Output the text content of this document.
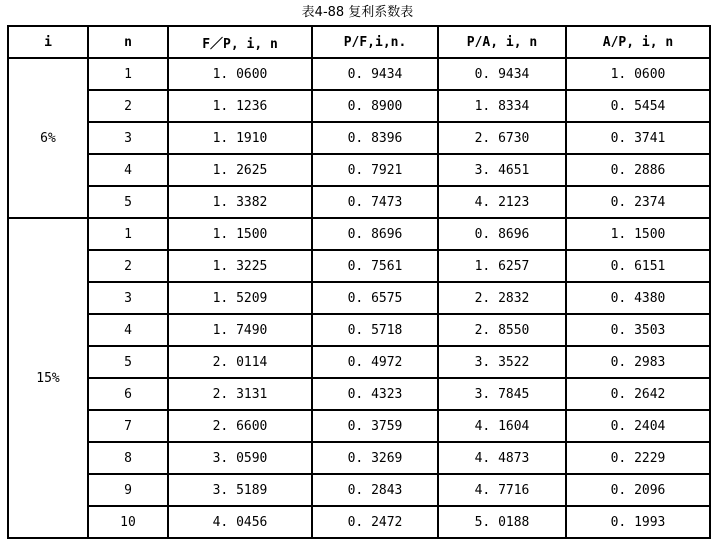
表4-88 复利系数表
i	n	F／P, i, n	P/F,i,n.	P/A, i, n	A/P, i, n
6%	1	1. 0600	0. 9434	0. 9434	1. 0600
	2	1. 1236	0. 8900	1. 8334	0. 5454
	3	1. 1910	0. 8396	2. 6730	0. 3741
	4	1. 2625	0. 7921	3. 4651	0. 2886
	5	1. 3382	0. 7473	4. 2123	0. 2374
15%	1	1. 1500	0. 8696	0. 8696	1. 1500
	2	1. 3225	0. 7561	1. 6257	0. 6151
	3	1. 5209	0. 6575	2. 2832	0. 4380
	4	1. 7490	0. 5718	2. 8550	0. 3503
	5	2. 0114	0. 4972	3. 3522	0. 2983
	6	2. 3131	0. 4323	3. 7845	0. 2642
	7	2. 6600	0. 3759	4. 1604	0. 2404
	8	3. 0590	0. 3269	4. 4873	0. 2229
	9	3. 5189	0. 2843	4. 7716	0. 2096
	10	4. 0456	0. 2472	5. 0188	0. 1993
